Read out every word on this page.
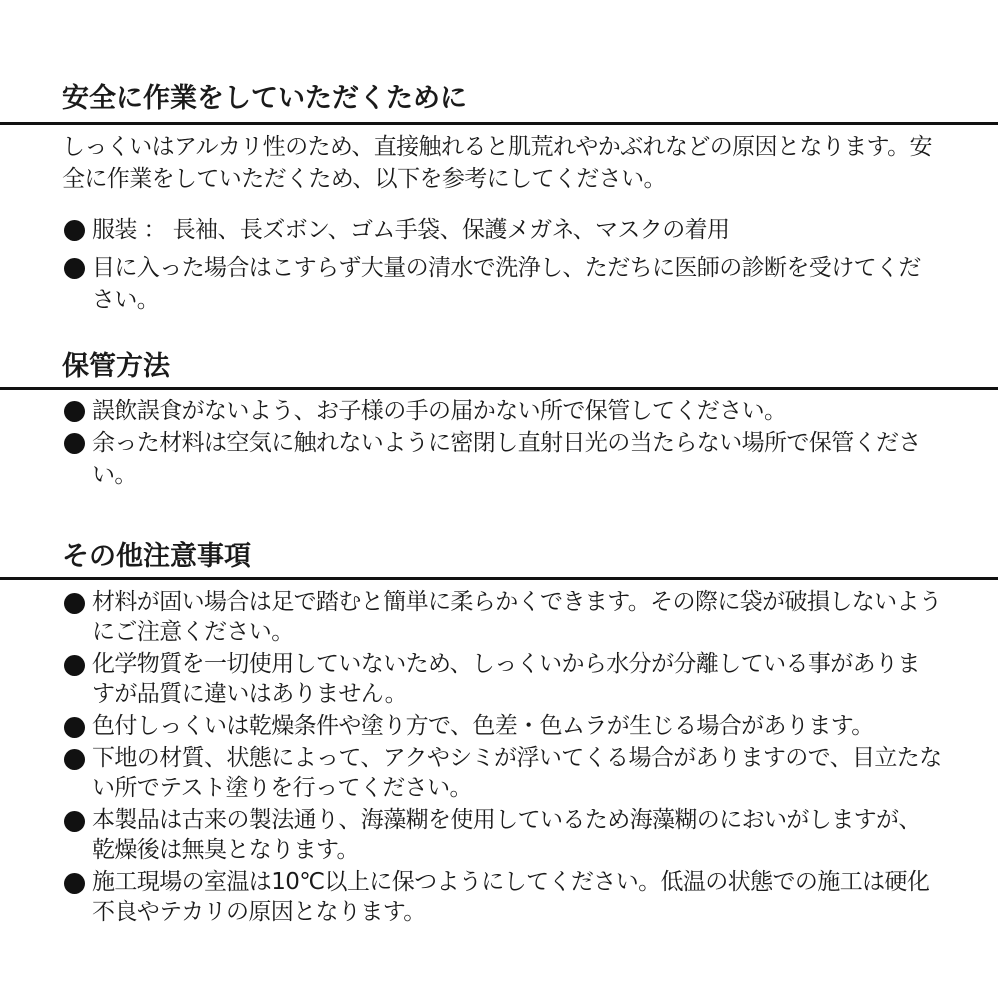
安全に作業をしていただくために

しっくいはアルカリ性のため、直接触れると肌荒れやかぶれなどの原因となります。安全に作業をしていただくため、以下を参考にしてください。

服装 ： 長袖、長ズボン、ゴム手袋、保護メガネ、マスクの着用
目に入った場合はこすらず大量の清水で洗浄し、ただちに医師の診断を受けてください。
保管方法
誤飲誤食がないよう、お子様の手の届かない所で保管してください。
余った材料は空気に触れないように密閉し直射日光の当たらない場所で保管ください。
その他注意事項
材料が固い場合は足で踏むと簡単に柔らかくできます。その際に袋が破損しないようにご注意ください。
化学物質を一切使用していないため、しっくいから水分が分離している事がありますが品質に違いはありません。
色付しっくいは乾燥条件や塗り方で、色差・色ムラが生じる場合があります。
下地の材質、状態によって、アクやシミが浮いてくる場合がありますので、目立たない所でテスト塗りを行ってください。
本製品は古来の製法通り、海藻糊を使用しているため海藻糊のにおいがしますが、乾燥後は無臭となります。
施工現場の室温は10℃以上に保つようにしてください。低温の状態での施工は硬化不良やテカリの原因となります。
